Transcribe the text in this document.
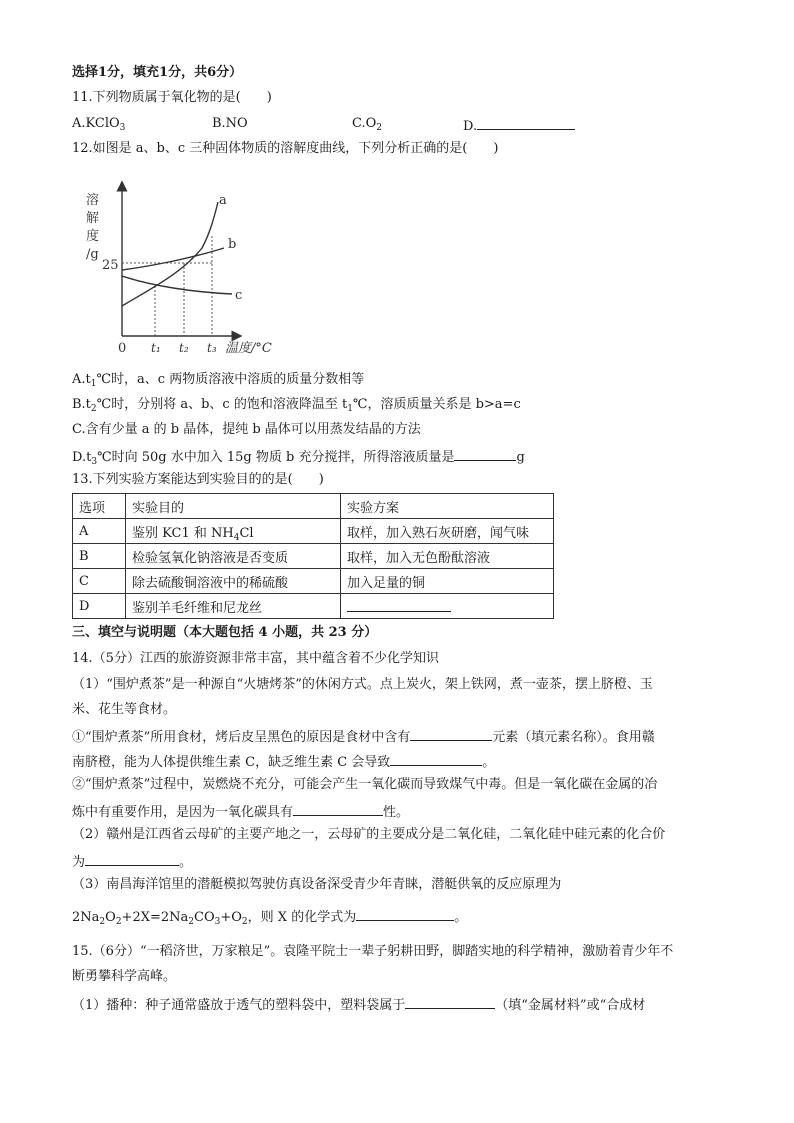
选择1分，填充1分，共6分）
11.下列物质属于氧化物的是(　　)
A.KClO$_3$	B.NO	$C.O_2$	D.
12.如图是 a、b、c 三种固体物质的溶解度曲线，下列分析正确的是(　　)
溶
解
度
/g
25
a
b
c
0 t₁ t₂ t₃ 温度/°C
$A.t_1℃$时，a、c 两物质溶液中溶质的质量分数相等
$B.t_2℃$时，分别将 a、b、c 的饱和溶液降温至 $t_1℃$，溶质质量关系是 b>a=c
C.含有少量 a 的 b 晶体，提纯 b 晶体可以用蒸发结晶的方法
$D.t_3℃$时向 50g 水中加入 15g 物质 b 充分搅拌，所得溶液质量是	g
13.下列实验方案能达到实验目的的是(　　)
选项	实验目的	实验方案
A	鉴别 KC1 和 $NH_4Cl$	取样，加入熟石灰研磨，闻气味
B	检验氢氧化钠溶液是否变质	取样，加入无色酚酞溶液
C	除去硫酸铜溶液中的稀硫酸	加入足量的铜
D	鉴别羊毛纤维和尼龙丝	
三、填空与说明题（本大题包括 4 小题，共 23 分）
14.（5分）江西的旅游资源非常丰富，其中蕴含着不少化学知识
（1）“围炉煮茶”是一种源自“火塘烤茶”的休闲方式。点上炭火，架上铁网，煮一壶茶，摆上脐橙、玉
米、花生等食材。
①“围炉煮茶”所用食材，烤后皮呈黑色的原因是食材中含有	元素（填元素名称）。食用赣
南脐橙，能为人体提供维生素 C，缺乏维生素 C 会导致	。
②“围炉煮茶”过程中，炭燃烧不充分，可能会产生一氧化碳而导致煤气中毒。但是一氧化碳在金属的冶
炼中有重要作用，是因为一氧化碳具有	性。
（2）赣州是江西省云母矿的主要产地之一，云母矿的主要成分是二氧化硅，二氧化硅中硅元素的化合价
为	。
（3）南昌海洋馆里的潜艇模拟驾驶仿真设备深受青少年青睐，潜艇供氧的反应原理为
$2Na_2O_2+2X=2Na_2CO_3+O_2$，则 X 的化学式为	。
15.（6分）“一稻济世，万家粮足”。袁隆平院士一辈子躬耕田野，脚踏实地的科学精神，激励着青少年不
断勇攀科学高峰。
（1）播种：种子通常盛放于透气的塑料袋中，塑料袋属于	（填“金属材料”或“合成材
